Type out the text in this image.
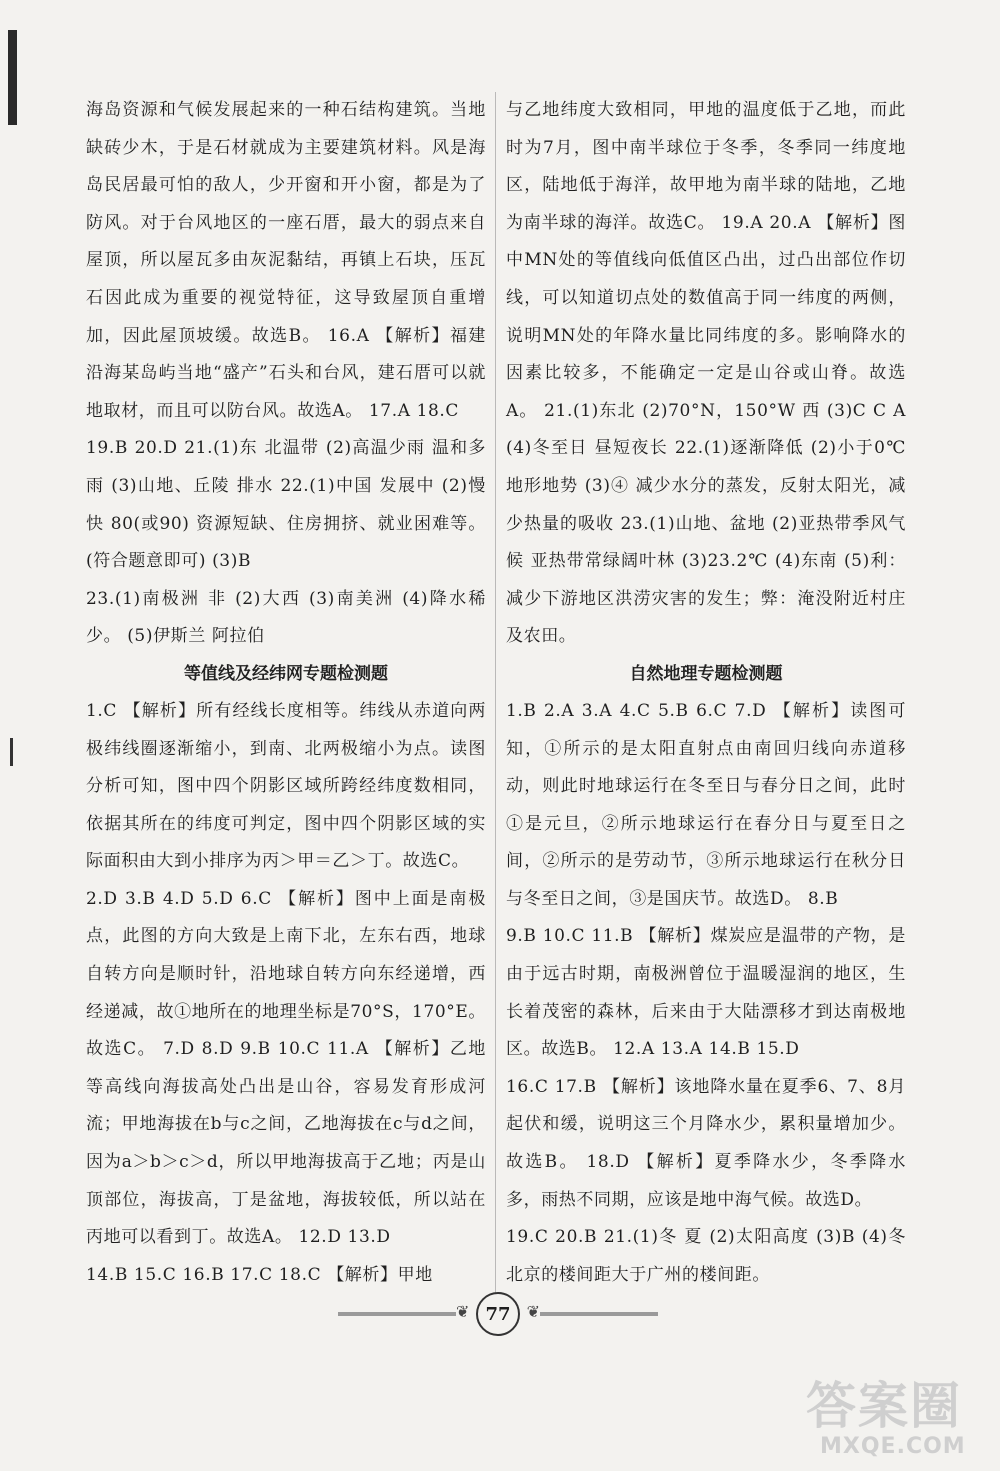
海岛资源和气候发展起来的一种石结构建筑。当地缺砖少木，于是石材就成为主要建筑材料。风是海岛民居最可怕的敌人，少开窗和开小窗，都是为了防风。对于台风地区的一座石厝，最大的弱点来自屋顶，所以屋瓦多由灰泥黏结，再镇上石块，压瓦石因此成为重要的视觉特征，这导致屋顶自重增加，因此屋顶坡缓。故选B。 16.A 【解析】福建沿海某岛屿当地“盛产”石头和台风，建石厝可以就地取材，而且可以防台风。故选A。 17.A 18.C

19.B 20.D 21.(1)东 北温带 (2)高温少雨 温和多雨 (3)山地、丘陵 排水 22.(1)中国 发展中 (2)慢 快 80(或90) 资源短缺、住房拥挤、就业困难等。(符合题意即可) (3)B

23.(1)南极洲 非 (2)大西 (3)南美洲 (4)降水稀少。 (5)伊斯兰 阿拉伯

等值线及经纬网专题检测题

1.C 【解析】所有经线长度相等。纬线从赤道向两极纬线圈逐渐缩小，到南、北两极缩小为点。读图分析可知，图中四个阴影区域所跨经纬度数相同，依据其所在的纬度可判定，图中四个阴影区域的实际面积由大到小排序为丙＞甲＝乙＞丁。故选C。

2.D 3.B 4.D 5.D 6.C 【解析】图中上面是南极点，此图的方向大致是上南下北，左东右西，地球自转方向是顺时针，沿地球自转方向东经递增，西经递减，故①地所在的地理坐标是70°S，170°E。故选C。 7.D 8.D 9.B 10.C 11.A 【解析】乙地等高线向海拔高处凸出是山谷，容易发育形成河流；甲地海拔在b与c之间，乙地海拔在c与d之间，因为a＞b＞c＞d，所以甲地海拔高于乙地；丙是山顶部位，海拔高，丁是盆地，海拔较低，所以站在丙地可以看到丁。故选A。 12.D 13.D

14.B 15.C 16.B 17.C 18.C 【解析】甲地

与乙地纬度大致相同，甲地的温度低于乙地，而此时为7月，图中南半球位于冬季，冬季同一纬度地区，陆地低于海洋，故甲地为南半球的陆地，乙地为南半球的海洋。故选C。 19.A 20.A 【解析】图中MN处的等值线向低值区凸出，过凸出部位作切线，可以知道切点处的数值高于同一纬度的两侧，说明MN处的年降水量比同纬度的多。影响降水的因素比较多，不能确定一定是山谷或山脊。故选A。 21.(1)东北 (2)70°N，150°W 西 (3)C C A (4)冬至日 昼短夜长 22.(1)逐渐降低 (2)小于0℃ 地形地势 (3)④ 减少水分的蒸发，反射太阳光，减少热量的吸收 23.(1)山地、盆地 (2)亚热带季风气候 亚热带常绿阔叶林 (3)23.2℃ (4)东南 (5)利：减少下游地区洪涝灾害的发生；弊：淹没附近村庄及农田。

自然地理专题检测题

1.B 2.A 3.A 4.C 5.B 6.C 7.D 【解析】读图可知，①所示的是太阳直射点由南回归线向赤道移动，则此时地球运行在冬至日与春分日之间，此时①是元旦，②所示地球运行在春分日与夏至日之间，②所示的是劳动节，③所示地球运行在秋分日与冬至日之间，③是国庆节。故选D。 8.B

9.B 10.C 11.B 【解析】煤炭应是温带的产物，是由于远古时期，南极洲曾位于温暖湿润的地区，生长着茂密的森林，后来由于大陆漂移才到达南极地区。故选B。 12.A 13.A 14.B 15.D

16.C 17.B 【解析】该地降水量在夏季6、7、8月起伏和缓，说明这三个月降水少，累积量增加少。故选B。 18.D 【解析】夏季降水少，冬季降水多，雨热不同期，应该是地中海气候。故选D。

19.C 20.B 21.(1)冬 夏 (2)太阳高度 (3)B (4)冬 北京的楼间距大于广州的楼间距。

❦ 77	❦
答案圈
MXQE.COM
